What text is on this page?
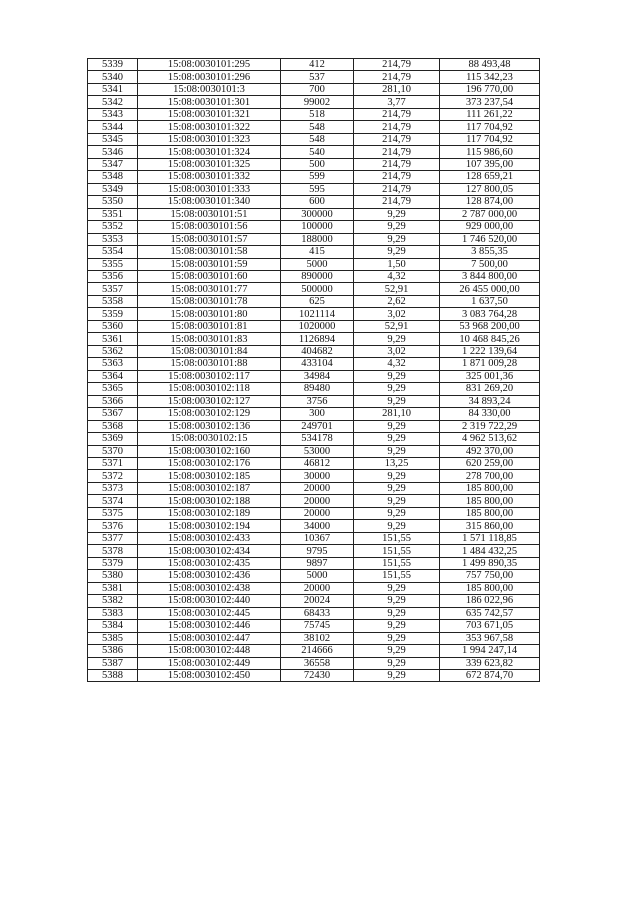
5339	15:08:0030101:295	412	214,79	88 493,48
5340	15:08:0030101:296	537	214,79	115 342,23
5341	15:08:0030101:3	700	281,10	196 770,00
5342	15:08:0030101:301	99002	3,77	373 237,54
5343	15:08:0030101:321	518	214,79	111 261,22
5344	15:08:0030101:322	548	214,79	117 704,92
5345	15:08:0030101:323	548	214,79	117 704,92
5346	15:08:0030101:324	540	214,79	115 986,60
5347	15:08:0030101:325	500	214,79	107 395,00
5348	15:08:0030101:332	599	214,79	128 659,21
5349	15:08:0030101:333	595	214,79	127 800,05
5350	15:08:0030101:340	600	214,79	128 874,00
5351	15:08:0030101:51	300000	9,29	2 787 000,00
5352	15:08:0030101:56	100000	9,29	929 000,00
5353	15:08:0030101:57	188000	9,29	1 746 520,00
5354	15:08:0030101:58	415	9,29	3 855,35
5355	15:08:0030101:59	5000	1,50	7 500,00
5356	15:08:0030101:60	890000	4,32	3 844 800,00
5357	15:08:0030101:77	500000	52,91	26 455 000,00
5358	15:08:0030101:78	625	2,62	1 637,50
5359	15:08:0030101:80	1021114	3,02	3 083 764,28
5360	15:08:0030101:81	1020000	52,91	53 968 200,00
5361	15:08:0030101:83	1126894	9,29	10 468 845,26
5362	15:08:0030101:84	404682	3,02	1 222 139,64
5363	15:08:0030101:88	433104	4,32	1 871 009,28
5364	15:08:0030102:117	34984	9,29	325 001,36
5365	15:08:0030102:118	89480	9,29	831 269,20
5366	15:08:0030102:127	3756	9,29	34 893,24
5367	15:08:0030102:129	300	281,10	84 330,00
5368	15:08:0030102:136	249701	9,29	2 319 722,29
5369	15:08:0030102:15	534178	9,29	4 962 513,62
5370	15:08:0030102:160	53000	9,29	492 370,00
5371	15:08:0030102:176	46812	13,25	620 259,00
5372	15:08:0030102:185	30000	9,29	278 700,00
5373	15:08:0030102:187	20000	9,29	185 800,00
5374	15:08:0030102:188	20000	9,29	185 800,00
5375	15:08:0030102:189	20000	9,29	185 800,00
5376	15:08:0030102:194	34000	9,29	315 860,00
5377	15:08:0030102:433	10367	151,55	1 571 118,85
5378	15:08:0030102:434	9795	151,55	1 484 432,25
5379	15:08:0030102:435	9897	151,55	1 499 890,35
5380	15:08:0030102:436	5000	151,55	757 750,00
5381	15:08:0030102:438	20000	9,29	185 800,00
5382	15:08:0030102:440	20024	9,29	186 022,96
5383	15:08:0030102:445	68433	9,29	635 742,57
5384	15:08:0030102:446	75745	9,29	703 671,05
5385	15:08:0030102:447	38102	9,29	353 967,58
5386	15:08:0030102:448	214666	9,29	1 994 247,14
5387	15:08:0030102:449	36558	9,29	339 623,82
5388	15:08:0030102:450	72430	9,29	672 874,70
